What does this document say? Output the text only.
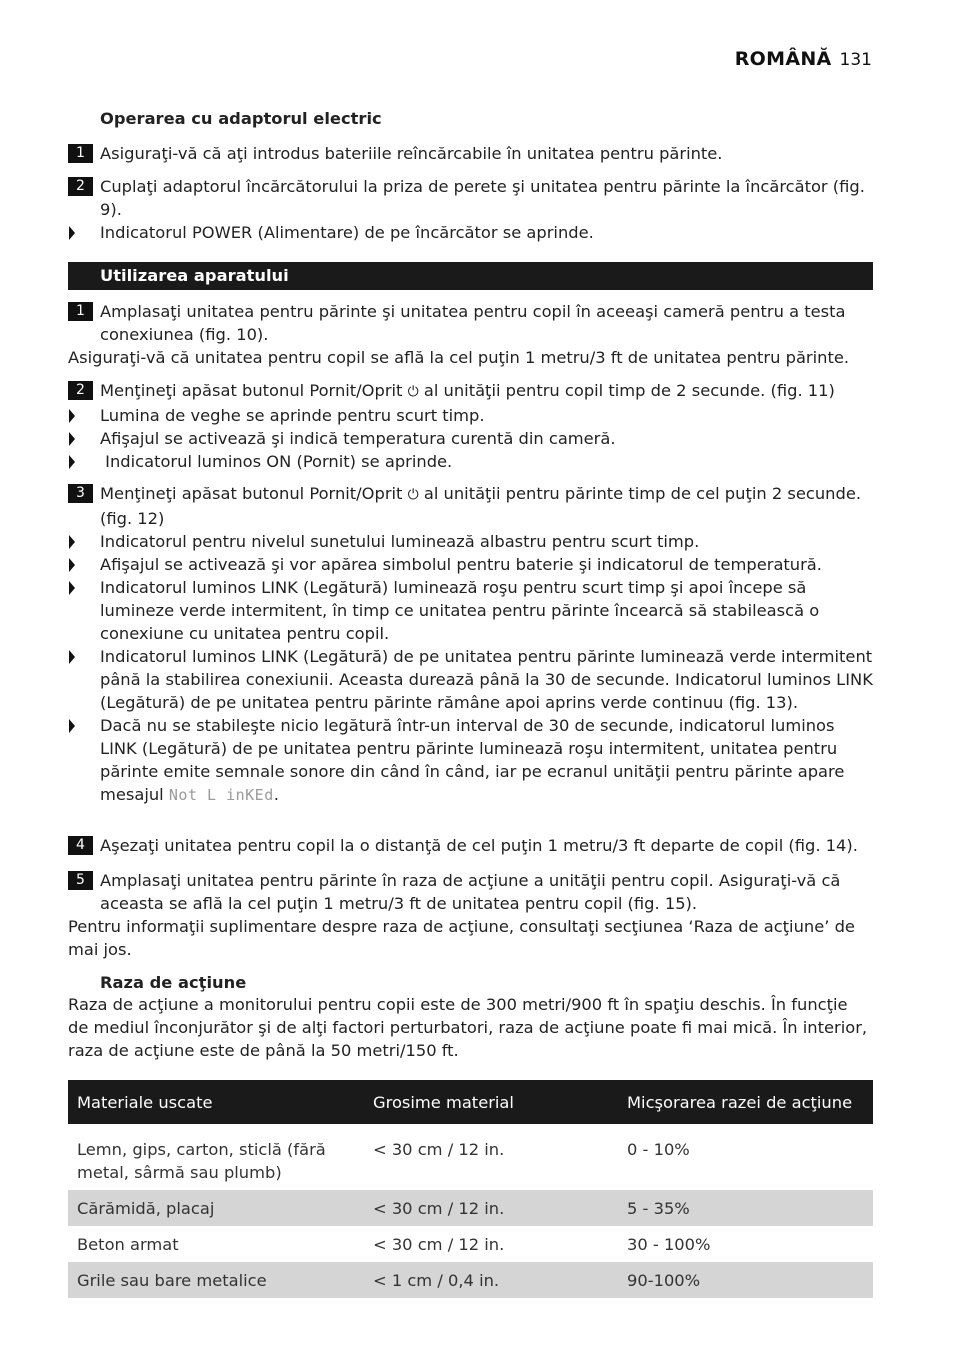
ROMÂNĂ 131
Operarea cu adaptorul electric
1 Asiguraţi-vă că aţi introdus bateriile reîncărcabile în unitatea pentru părinte.
2 Cuplaţi adaptorul încărcătorului la priza de perete şi unitatea pentru părinte la încărcător (fig. 9).
Indicatorul POWER (Alimentare) de pe încărcător se aprinde.
Utilizarea aparatului
1 Amplasaţi unitatea pentru părinte şi unitatea pentru copil în aceeaşi cameră pentru a testa conexiunea (fig. 10).
Asiguraţi-vă că unitatea pentru copil se află la cel puţin 1 metru/3 ft de unitatea pentru părinte.
2 Menţineţi apăsat butonul Pornit/Oprit ⏻ al unităţii pentru copil timp de 2 secunde. (fig. 11)
Lumina de veghe se aprinde pentru scurt timp.
Afişajul se activează şi indică temperatura curentă din cameră.
Indicatorul luminos ON (Pornit) se aprinde.
3 Menţineţi apăsat butonul Pornit/Oprit ⏻ al unităţii pentru părinte timp de cel puţin 2 secunde. (fig. 12)
Indicatorul pentru nivelul sunetului luminează albastru pentru scurt timp.
Afişajul se activează şi vor apărea simbolul pentru baterie şi indicatorul de temperatură.
Indicatorul luminos LINK (Legătură) luminează roşu pentru scurt timp şi apoi începe să lumineze verde intermitent, în timp ce unitatea pentru părinte încearcă să stabilească o conexiune cu unitatea pentru copil.
Indicatorul luminos LINK (Legătură) de pe unitatea pentru părinte luminează verde intermitent până la stabilirea conexiunii. Aceasta durează până la 30 de secunde. Indicatorul luminos LINK (Legătură) de pe unitatea pentru părinte rămâne apoi aprins verde continuu (fig. 13).
Dacă nu se stabileşte nicio legătură într-un interval de 30 de secunde, indicatorul luminos LINK (Legătură) de pe unitatea pentru părinte luminează roşu intermitent, unitatea pentru părinte emite semnale sonore din când în când, iar pe ecranul unităţii pentru părinte apare mesajul Not L inKEd.
4 Aşezaţi unitatea pentru copil la o distanţă de cel puţin 1 metru/3 ft departe de copil (fig. 14).
5 Amplasaţi unitatea pentru părinte în raza de acţiune a unităţii pentru copil. Asiguraţi-vă că aceasta se află la cel puţin 1 metru/3 ft de unitatea pentru copil (fig. 15).
Pentru informaţii suplimentare despre raza de acţiune, consultaţi secţiunea ‘Raza de acţiune’ de mai jos.
Raza de acţiune
Raza de acţiune a monitorului pentru copii este de 300 metri/900 ft în spaţiu deschis. În funcţie de mediul înconjurător şi de alţi factori perturbatori, raza de acţiune poate fi mai mică. În interior, raza de acţiune este de până la 50 metri/150 ft.
Materiale uscate	Grosime material	Micşorarea razei de acţiune
Lemn, gips, carton, sticlă (fără metal, sârmă sau plumb)	< 30 cm / 12 in.	0 - 10%
Cărămidă, placaj	< 30 cm / 12 in.	5 - 35%
Beton armat	< 30 cm / 12 in.	30 - 100%
Grile sau bare metalice	< 1 cm / 0,4 in.	90-100%
